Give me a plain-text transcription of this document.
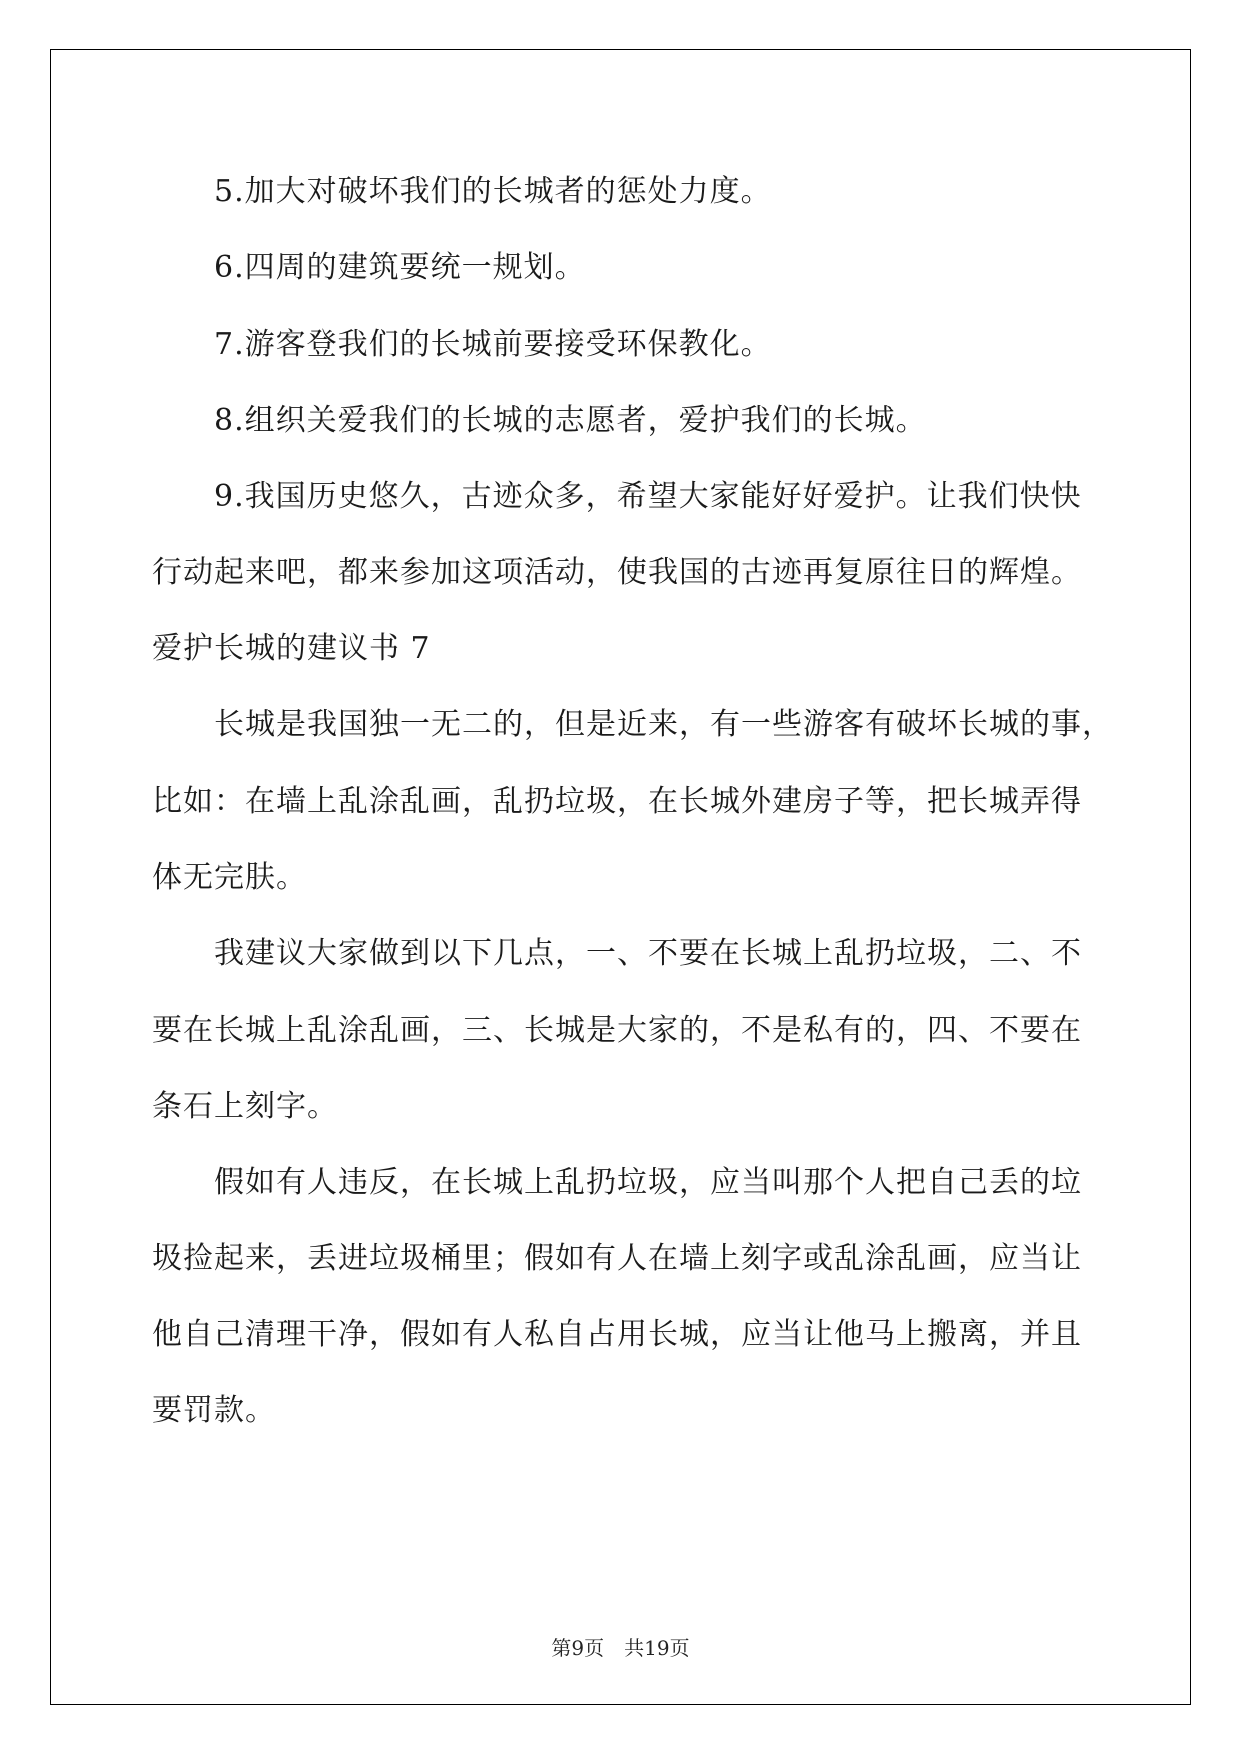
5.加大对破坏我们的长城者的惩处力度。
6.四周的建筑要统一规划。
7.游客登我们的长城前要接受环保教化。
8.组织关爱我们的长城的志愿者，爱护我们的长城。
9.我国历史悠久，古迹众多，希望大家能好好爱护。让我们快快
行动起来吧，都来参加这项活动，使我国的古迹再复原往日的辉煌。
爱护长城的建议书 7
长城是我国独一无二的，但是近来，有一些游客有破坏长城的事，
比如：在墙上乱涂乱画，乱扔垃圾，在长城外建房子等，把长城弄得
体无完肤。
我建议大家做到以下几点，一、不要在长城上乱扔垃圾，二、不
要在长城上乱涂乱画，三、长城是大家的，不是私有的，四、不要在
条石上刻字。
假如有人违反，在长城上乱扔垃圾，应当叫那个人把自己丢的垃
圾捡起来，丢进垃圾桶里；假如有人在墙上刻字或乱涂乱画，应当让
他自己清理干净，假如有人私自占用长城，应当让他马上搬离，并且
要罚款。
第9页 共19页
